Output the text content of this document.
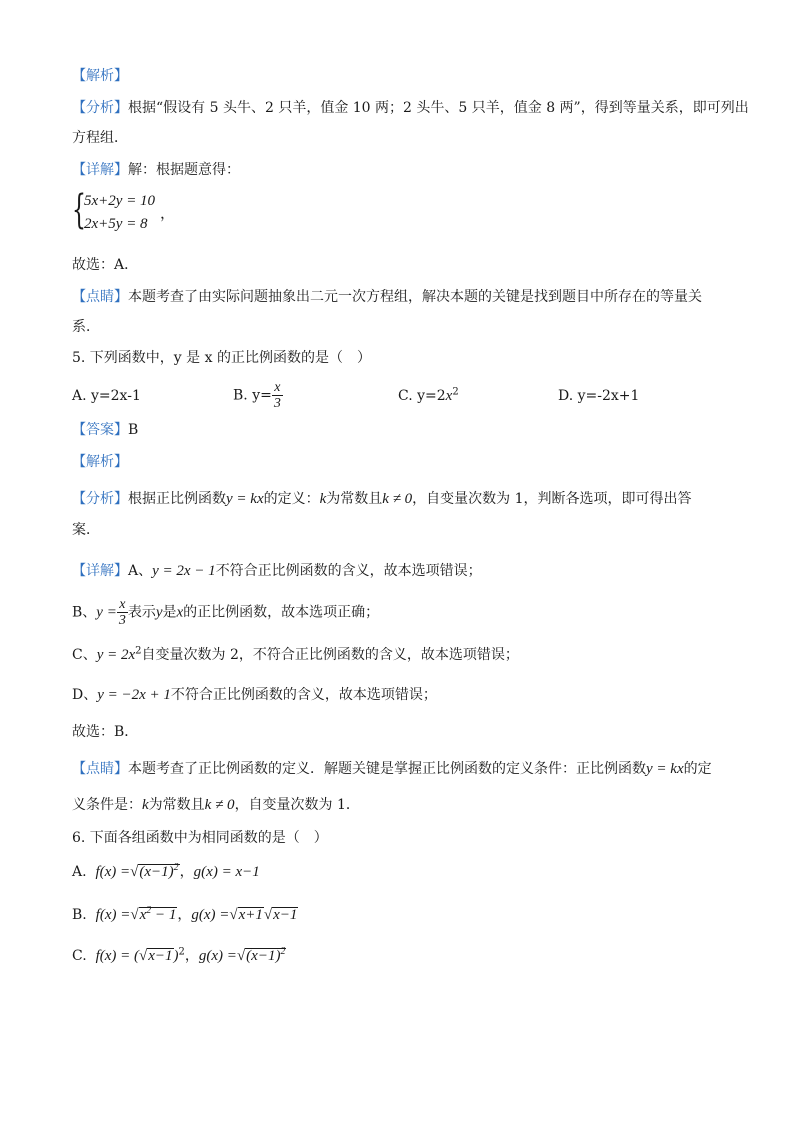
【解析】
【分析】根据“假设有 5 头牛、2 只羊，值金 10 两；2 头牛、5 只羊，值金 8 两”，得到等量关系，即可列出
方程组．
【详解】解：根据题意得：
{
5x+2y = 10
2x+5y = 8
，
故选：A．
【点睛】本题考查了由实际问题抽象出二元一次方程组，解决本题的关键是找到题目中所存在的等量关
系．
5. 下列函数中，y 是 x 的正比例函数的是（　）
A. y=2x-1	B. $y= \frac{x}{3}$	C. $y=2x^2$	D. y=-2x+1
【答案】B
【解析】
【分析】根据正比例函数y = kx的定义：k为常数且k ≠ 0，自变量次数为 1，判断各选项，即可得出答
案．
【详解】A、y = 2x − 1不符合正比例函数的含义，故本选项错误；
B、$y = \frac{x}{3}$ 表示y是x的正比例函数，故本选项正确；
C、$y = 2x^2$自变量次数为 2，不符合正比例函数的含义，故本选项错误；
D、y = −2x + 1不符合正比例函数的含义，故本选项错误；
故选：B．
【点睛】本题考查了正比例函数的定义．解题关键是掌握正比例函数的定义条件：正比例函数y = kx的定
义条件是：k为常数且k ≠ 0，自变量次数为 1．
6. 下面各组函数中为相同函数的是（　）
A. $f(x) =√(x-1)^2$，g(x) = x−1
B. $f(x) =√x^2 - 1$，g(x) =√x+1√x−1
C. $f(x) = (√x-1)^2$，$g(x) =√(x-1)^2$
